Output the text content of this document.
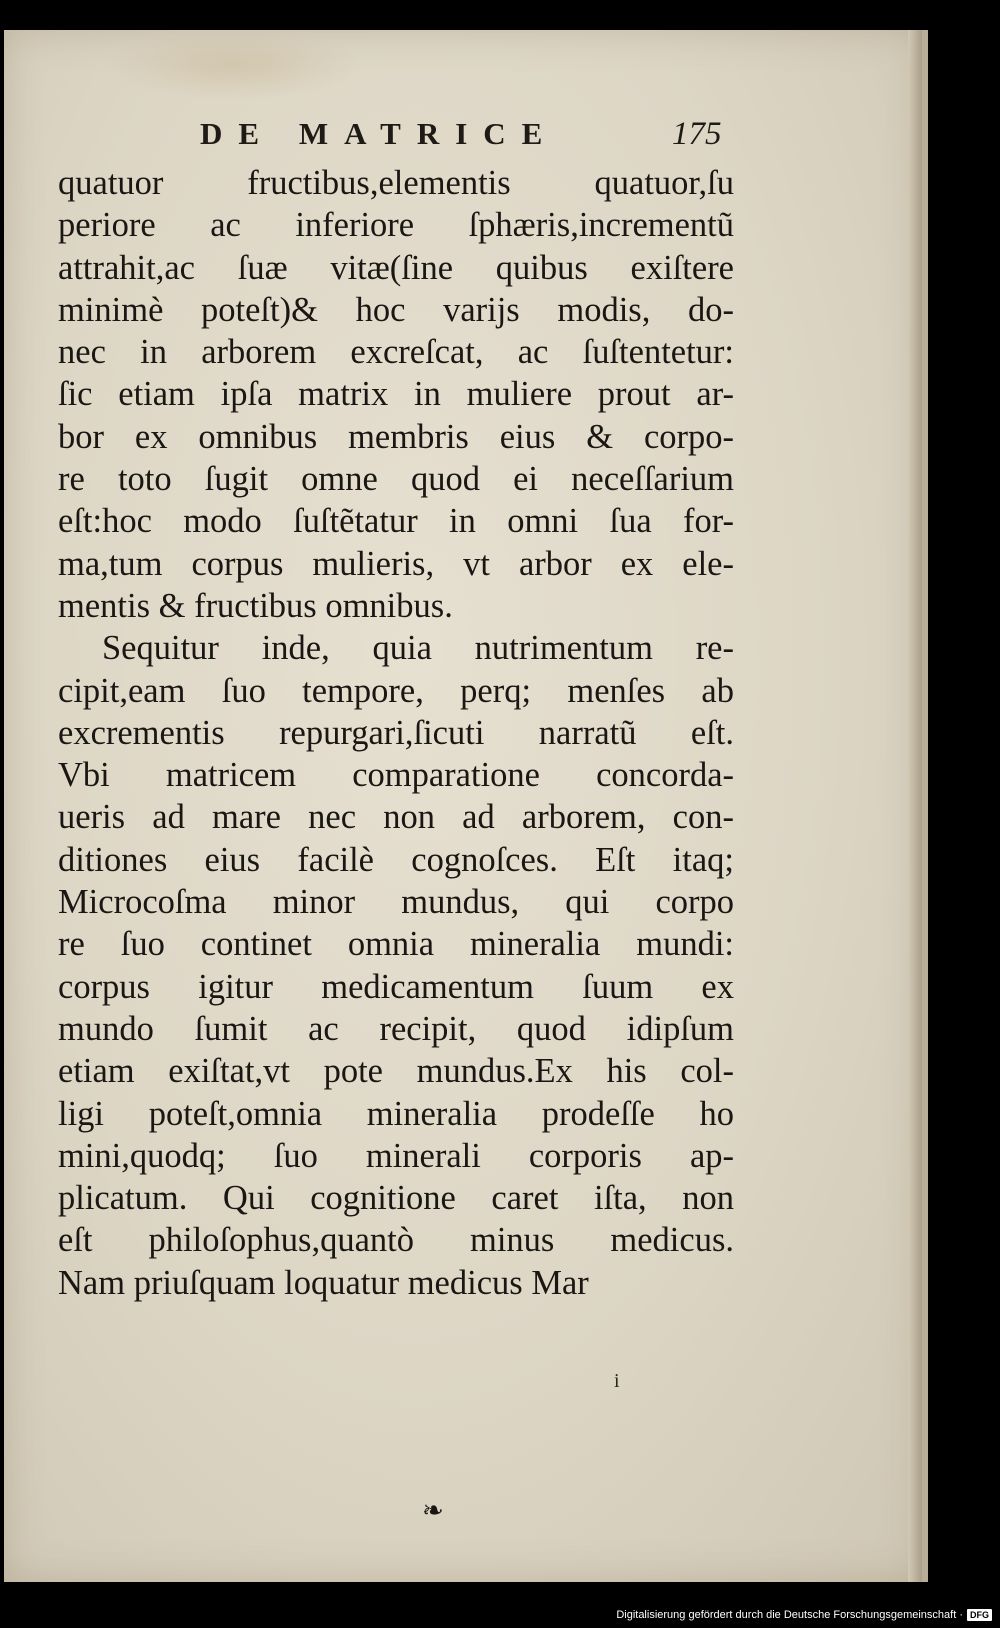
DE MATRICE	175
quatuor fructibus,elementis quatuor,ſu
periore ac inferiore ſphæris,incrementũ
attrahit,ac ſuæ vitæ(ſine quibus exiſtere
minimè poteſt)& hoc varijs modis, do-
nec in arborem excreſcat, ac ſuſtentetur:
ſic etiam ipſa matrix in muliere prout ar-
bor ex omnibus membris eius & corpo-
re toto ſugit omne quod ei neceſſarium
eſt:hoc modo ſuſtẽtatur in omni ſua for-
ma,tum corpus mulieris, vt arbor ex ele-
mentis & fructibus omnibus.
Sequitur inde, quia nutrimentum re-
cipit,eam ſuo tempore, perq; menſes ab
excrementis repurgari,ſicuti narratũ eſt.
Vbi matricem comparatione concorda-
ueris ad mare nec non ad arborem, con-
ditiones eius facilè cognoſces. Eſt itaq;
Microcoſma minor mundus, qui corpo
re ſuo continet omnia mineralia mundi:
corpus igitur medicamentum ſuum ex
mundo ſumit ac recipit, quod idipſum
etiam exiſtat,vt pote mundus.Ex his col-
ligi poteſt,omnia mineralia prodeſſe ho
mini,quodq; ſuo minerali corporis ap-
plicatum. Qui cognitione caret iſta, non
eſt philoſophus,quantò minus medicus.
Nam priuſquam loquatur medicus Mar
i
❧
Digitalisierung gefördert durch die Deutsche Forschungsgemeinschaft · DFG
